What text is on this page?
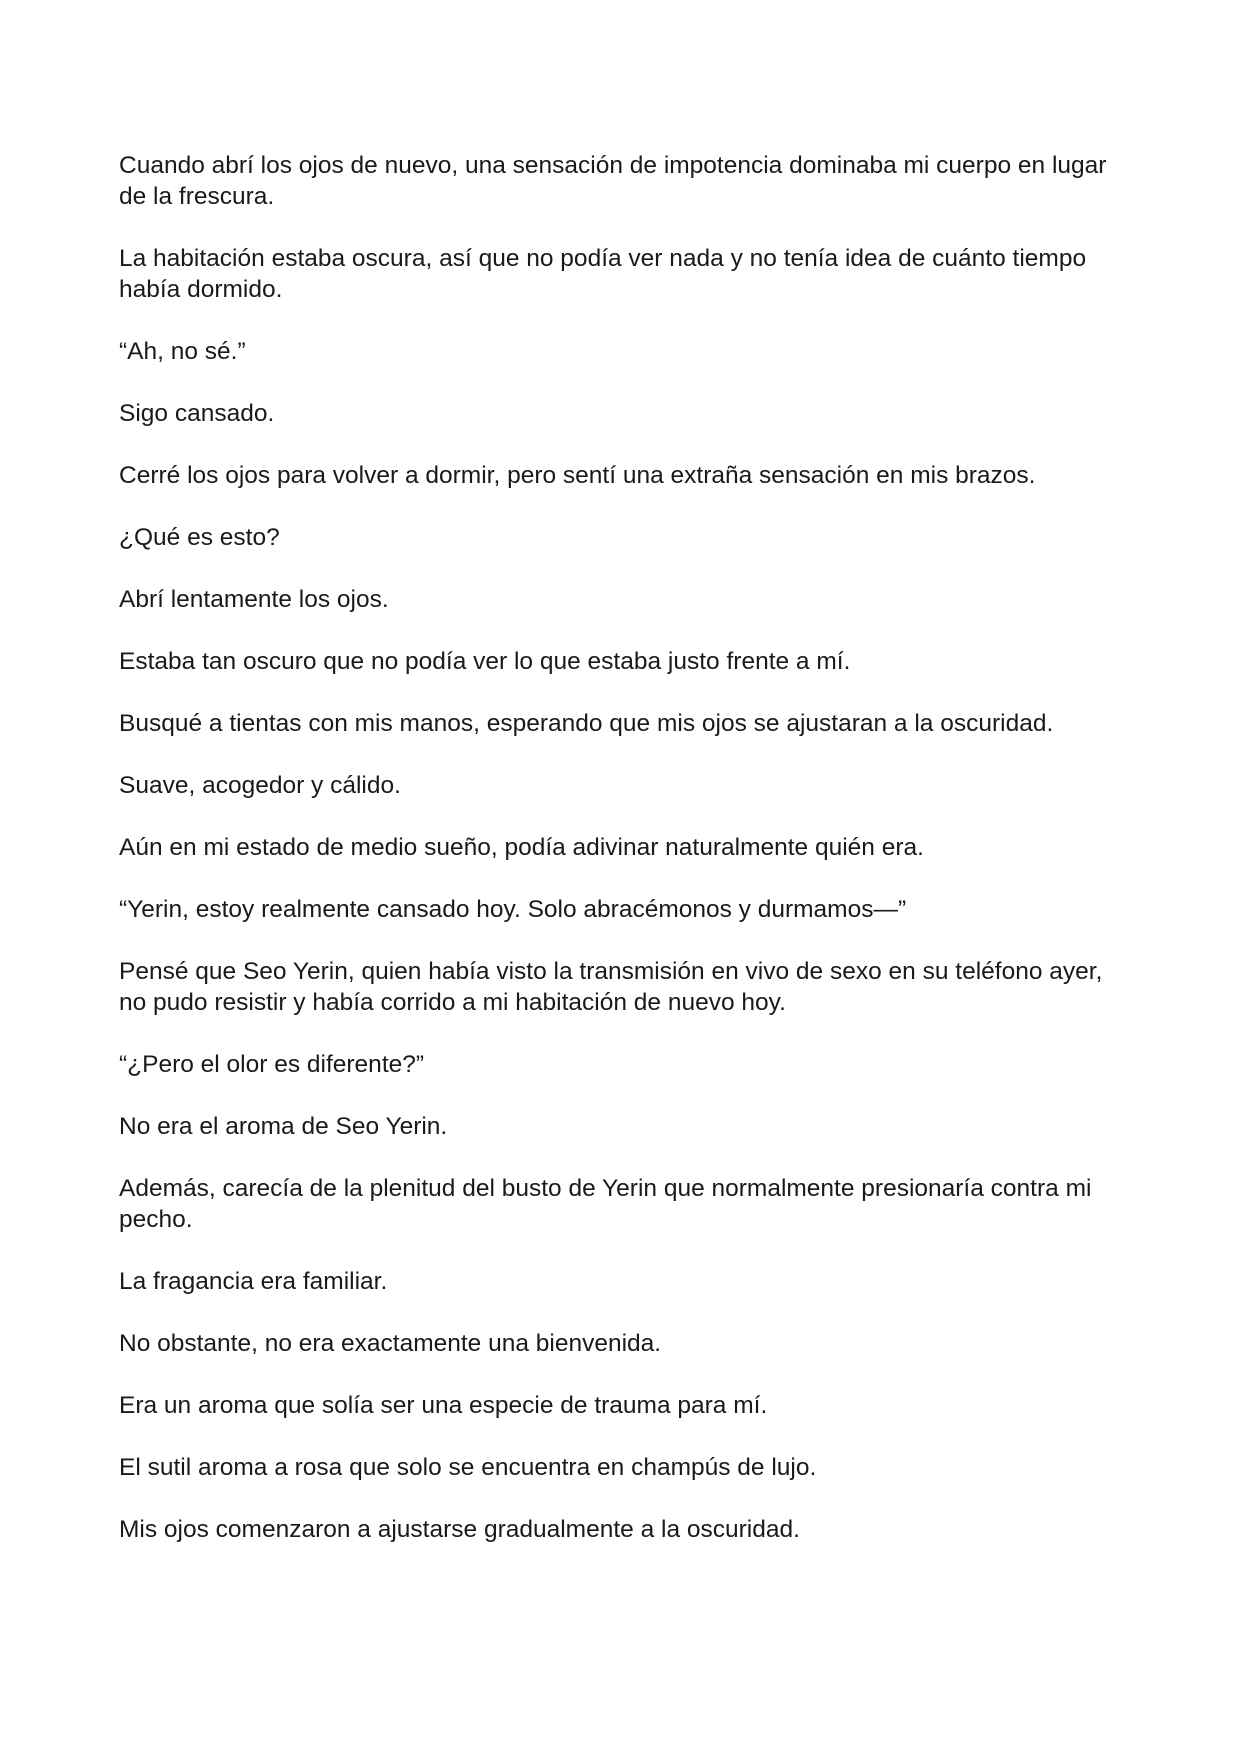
Cuando abrí los ojos de nuevo, una sensación de impotencia dominaba mi cuerpo en lugar de la frescura.

La habitación estaba oscura, así que no podía ver nada y no tenía idea de cuánto tiempo había dormido.

“Ah, no sé.”

Sigo cansado.

Cerré los ojos para volver a dormir, pero sentí una extraña sensación en mis brazos.

¿Qué es esto?

Abrí lentamente los ojos.

Estaba tan oscuro que no podía ver lo que estaba justo frente a mí.

Busqué a tientas con mis manos, esperando que mis ojos se ajustaran a la oscuridad.

Suave, acogedor y cálido.

Aún en mi estado de medio sueño, podía adivinar naturalmente quién era.

“Yerin, estoy realmente cansado hoy. Solo abracémonos y durmamos—”

Pensé que Seo Yerin, quien había visto la transmisión en vivo de sexo en su teléfono ayer, no pudo resistir y había corrido a mi habitación de nuevo hoy.

“¿Pero el olor es diferente?”

No era el aroma de Seo Yerin.

Además, carecía de la plenitud del busto de Yerin que normalmente presionaría contra mi pecho.

La fragancia era familiar.

No obstante, no era exactamente una bienvenida.

Era un aroma que solía ser una especie de trauma para mí.

El sutil aroma a rosa que solo se encuentra en champús de lujo.

Mis ojos comenzaron a ajustarse gradualmente a la oscuridad.
